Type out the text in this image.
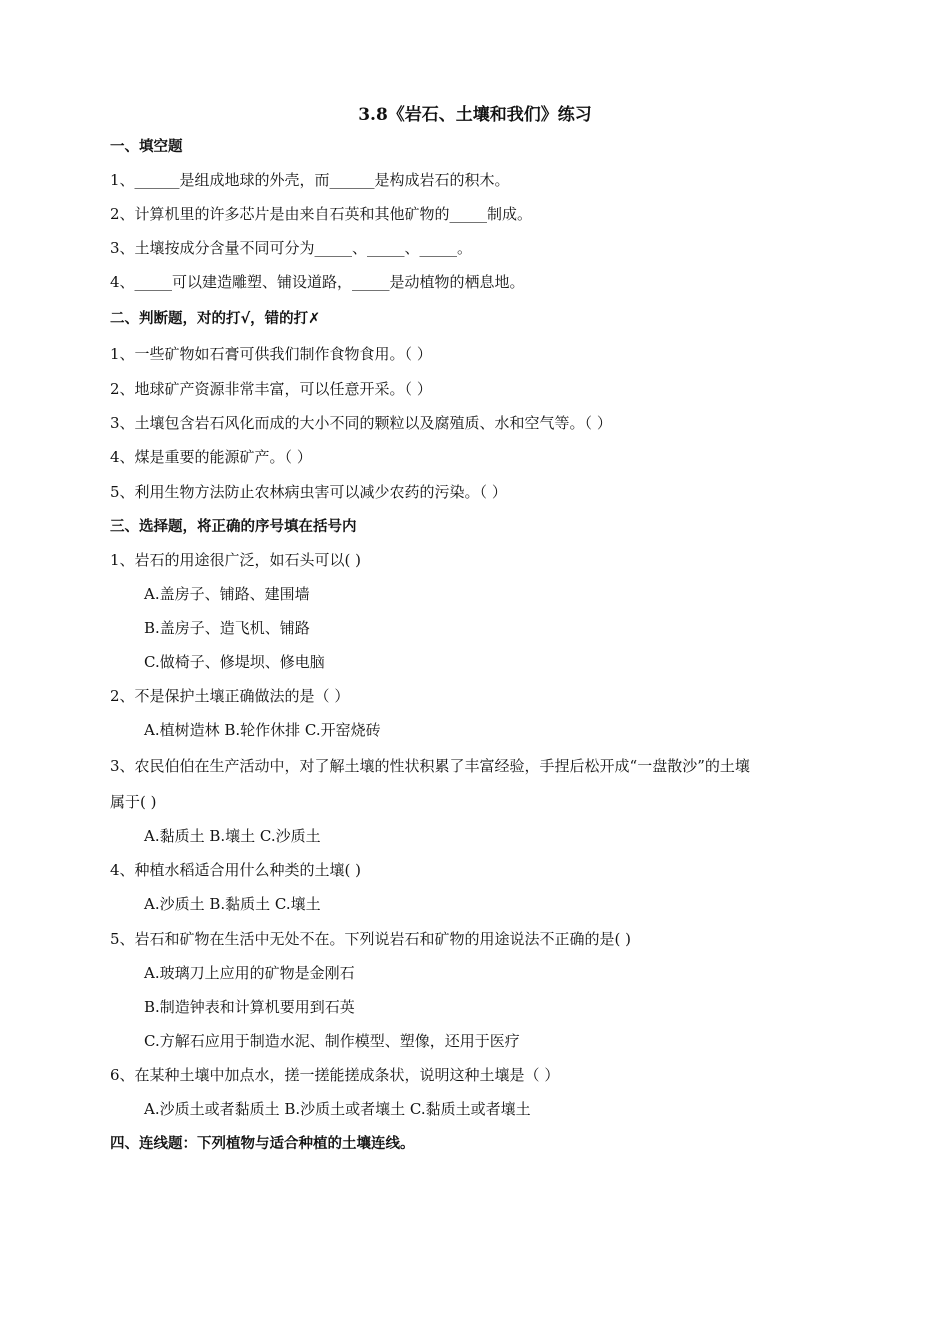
3.8《岩石、土壤和我们》练习
一、填空题
1、______是组成地球的外壳，而______是构成岩石的积木。
2、计算机里的许多芯片是由来自石英和其他矿物的_____制成。
3、土壤按成分含量不同可分为_____、_____、_____。
4、_____可以建造雕塑、铺设道路，_____是动植物的栖息地。
二、判断题，对的打√，错的打✗
1、一些矿物如石膏可供我们制作食物食用。（ ）
2、地球矿产资源非常丰富，可以任意开采。（ ）
3、土壤包含岩石风化而成的大小不同的颗粒以及腐殖质、水和空气等。（ ）
4、煤是重要的能源矿产。（ ）
5、利用生物方法防止农林病虫害可以减少农药的污染。（ ）
三、选择题，将正确的序号填在括号内
1、岩石的用途很广泛，如石头可以( )
A.盖房子、铺路、建围墙
B.盖房子、造飞机、铺路
C.做椅子、修堤坝、修电脑
2、不是保护土壤正确做法的是（ ）
A.植树造林 B.轮作休排 C.开窑烧砖
3、农民伯伯在生产活动中，对了解土壤的性状积累了丰富经验，手捏后松开成“一盘散沙”的土壤
属于( )
A.黏质土 B.壤土 C.沙质土
4、种植水稻适合用什么种类的土壤( )
A.沙质土 B.黏质土 C.壤土
5、岩石和矿物在生活中无处不在。下列说岩石和矿物的用途说法不正确的是( )
A.玻璃刀上应用的矿物是金刚石
B.制造钟表和计算机要用到石英
C.方解石应用于制造水泥、制作模型、塑像，还用于医疗
6、在某种土壤中加点水，搓一搓能搓成条状，说明这种土壤是（ ）
A.沙质土或者黏质土 B.沙质土或者壤土 C.黏质土或者壤土
四、连线题：下列植物与适合种植的土壤连线。
